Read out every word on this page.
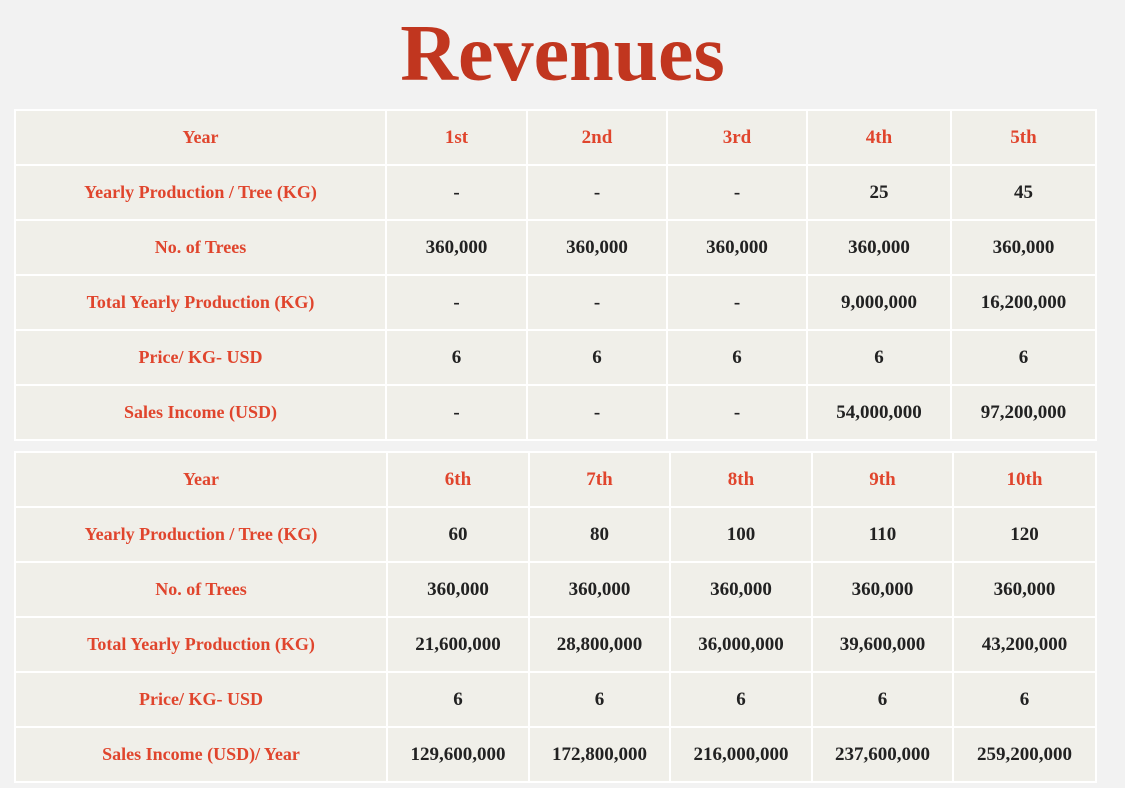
Revenues
Year	1st	2nd	3rd	4th	5th
Yearly Production / Tree (KG)	-	-	-	25	45
No. of Trees	360,000	360,000	360,000	360,000	360,000
Total Yearly Production (KG)	-	-	-	9,000,000	16,200,000
Price/ KG- USD	6	6	6	6	6
Sales Income (USD)	-	-	-	54,000,000	97,200,000
Year	6th	7th	8th	9th	10th
Yearly Production / Tree (KG)	60	80	100	110	120
No. of Trees	360,000	360,000	360,000	360,000	360,000
Total Yearly Production (KG)	21,600,000	28,800,000	36,000,000	39,600,000	43,200,000
Price/ KG- USD	6	6	6	6	6
Sales Income (USD)/ Year	129,600,000	172,800,000	216,000,000	237,600,000	259,200,000
